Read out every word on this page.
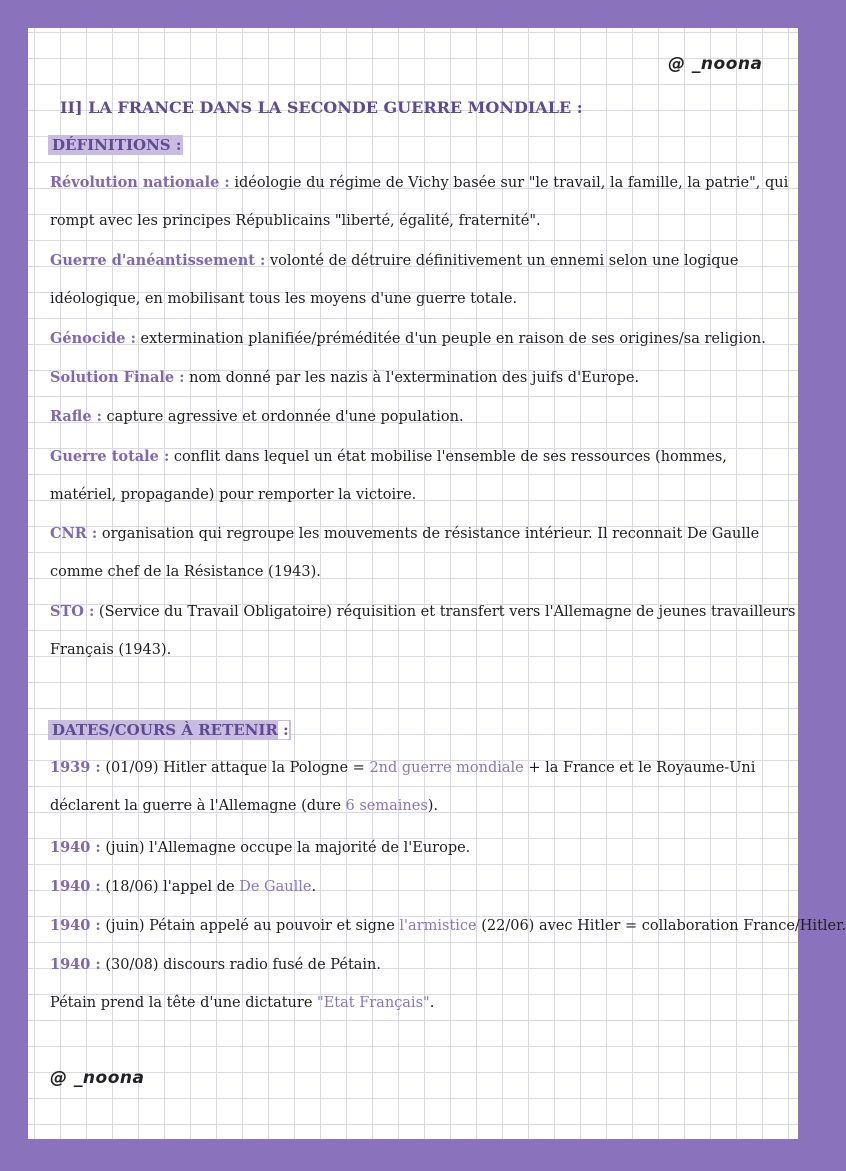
@ _noona
II] LA FRANCE DANS LA SECONDE GUERRE MONDIALE :
DÉFINITIONS :
Révolution nationale : idéologie du régime de Vichy basée sur "le travail, la famille, la patrie", qui
rompt avec les principes Républicains "liberté, égalité, fraternité".
Guerre d'anéantissement : volonté de détruire définitivement un ennemi selon une logique
idéologique, en mobilisant tous les moyens d'une guerre totale.
Génocide : extermination planifiée/préméditée d'un peuple en raison de ses origines/sa religion.
Solution Finale : nom donné par les nazis à l'extermination des juifs d'Europe.
Rafle : capture agressive et ordonnée d'une population.
Guerre totale : conflit dans lequel un état mobilise l'ensemble de ses ressources (hommes,
matériel, propagande) pour remporter la victoire.
CNR : organisation qui regroupe les mouvements de résistance intérieur. Il reconnait De Gaulle
comme chef de la Résistance (1943).
STO : (Service du Travail Obligatoire) réquisition et transfert vers l'Allemagne de jeunes travailleurs
Français (1943).
DATES/COURS À RETENIR :
1939 : (01/09) Hitler attaque la Pologne = 2nd guerre mondiale + la France et le Royaume-Uni
déclarent la guerre à l'Allemagne (dure 6 semaines).
1940 : (juin) l'Allemagne occupe la majorité de l'Europe.
1940 : (18/06) l'appel de De Gaulle.
1940 : (juin) Pétain appelé au pouvoir et signe l'armistice (22/06) avec Hitler = collaboration France/Hitler.
1940 : (30/08) discours radio fusé de Pétain.
Pétain prend la tête d'une dictature "Etat Français".
@ _noona
